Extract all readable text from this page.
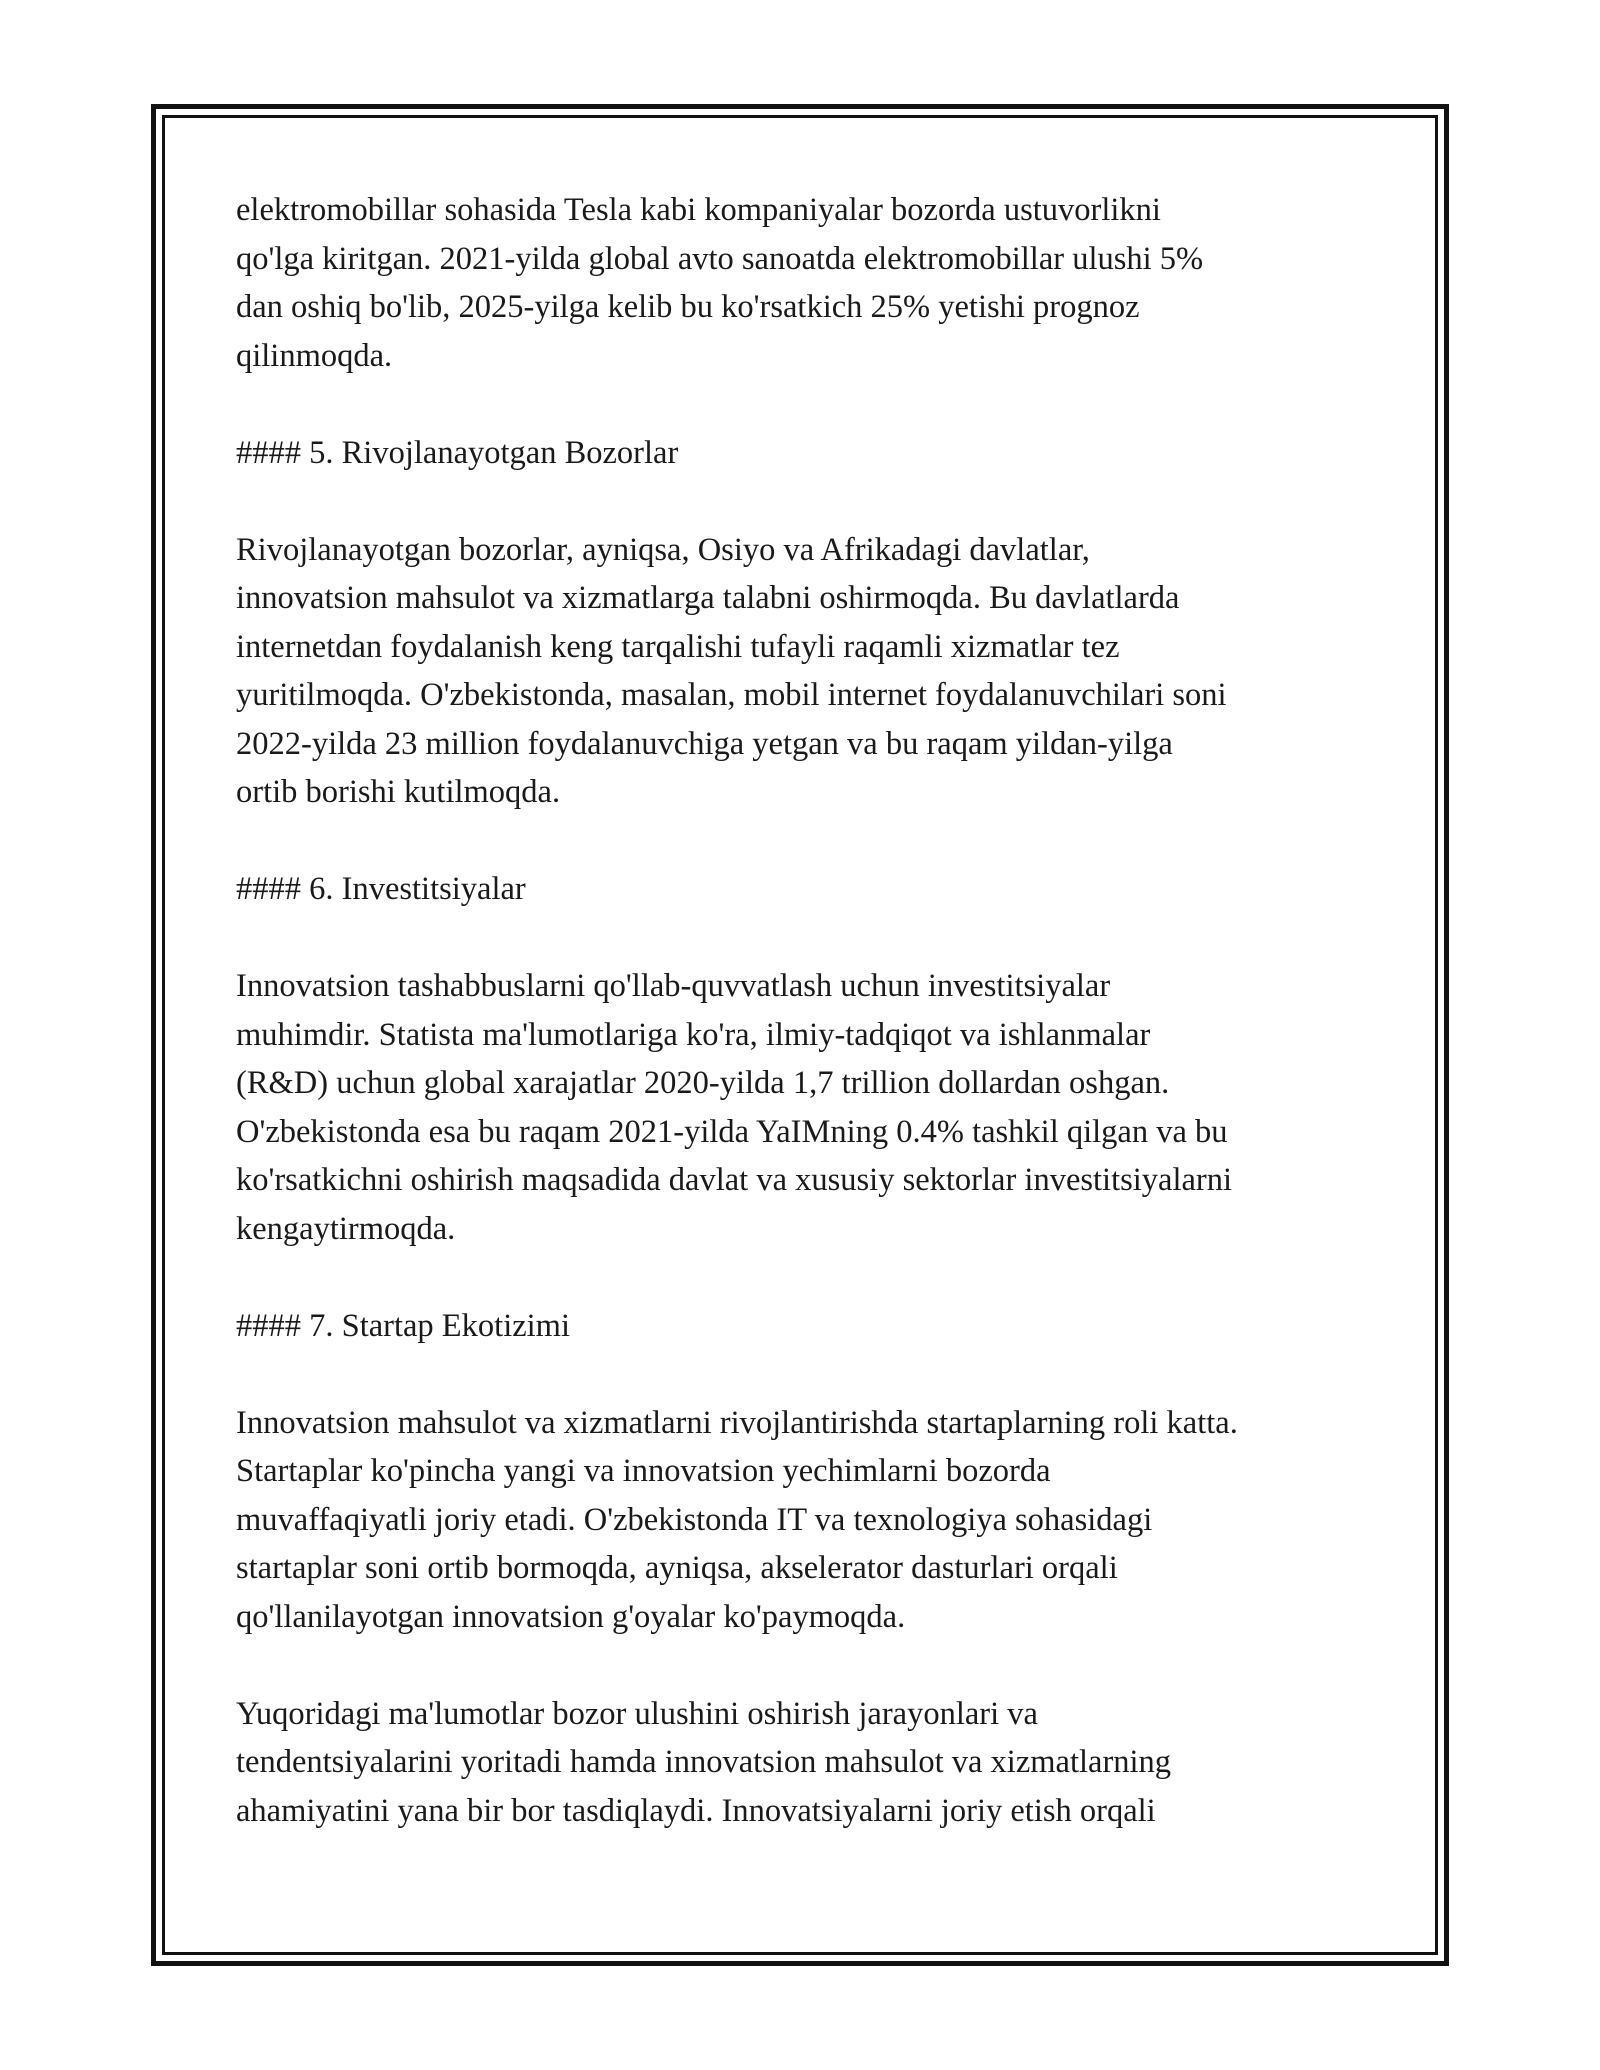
elektromobillar sohasida Tesla kabi kompaniyalar bozorda ustuvorlikni
qo'lga kiritgan. 2021-yilda global avto sanoatda elektromobillar ulushi 5%
dan oshiq bo'lib, 2025-yilga kelib bu ko'rsatkich 25% yetishi prognoz
qilinmoqda.
#### 5. Rivojlanayotgan Bozorlar
Rivojlanayotgan bozorlar, ayniqsa, Osiyo va Afrikadagi davlatlar,
innovatsion mahsulot va xizmatlarga talabni oshirmoqda. Bu davlatlarda
internetdan foydalanish keng tarqalishi tufayli raqamli xizmatlar tez
yuritilmoqda. O'zbekistonda, masalan, mobil internet foydalanuvchilari soni
2022-yilda 23 million foydalanuvchiga yetgan va bu raqam yildan-yilga
ortib borishi kutilmoqda.
#### 6. Investitsiyalar
Innovatsion tashabbuslarni qo'llab-quvvatlash uchun investitsiyalar
muhimdir. Statista ma'lumotlariga ko'ra, ilmiy-tadqiqot va ishlanmalar
(R&D) uchun global xarajatlar 2020-yilda 1,7 trillion dollardan oshgan.
O'zbekistonda esa bu raqam 2021-yilda YaIMning 0.4% tashkil qilgan va bu
ko'rsatkichni oshirish maqsadida davlat va xususiy sektorlar investitsiyalarni
kengaytirmoqda.
#### 7. Startap Ekotizimi
Innovatsion mahsulot va xizmatlarni rivojlantirishda startaplarning roli katta.
Startaplar ko'pincha yangi va innovatsion yechimlarni bozorda
muvaffaqiyatli joriy etadi. O'zbekistonda IT va texnologiya sohasidagi
startaplar soni ortib bormoqda, ayniqsa, akselerator dasturlari orqali
qo'llanilayotgan innovatsion g'oyalar ko'paymoqda.
Yuqoridagi ma'lumotlar bozor ulushini oshirish jarayonlari va
tendentsiyalarini yoritadi hamda innovatsion mahsulot va xizmatlarning
ahamiyatini yana bir bor tasdiqlaydi. Innovatsiyalarni joriy etish orqali
